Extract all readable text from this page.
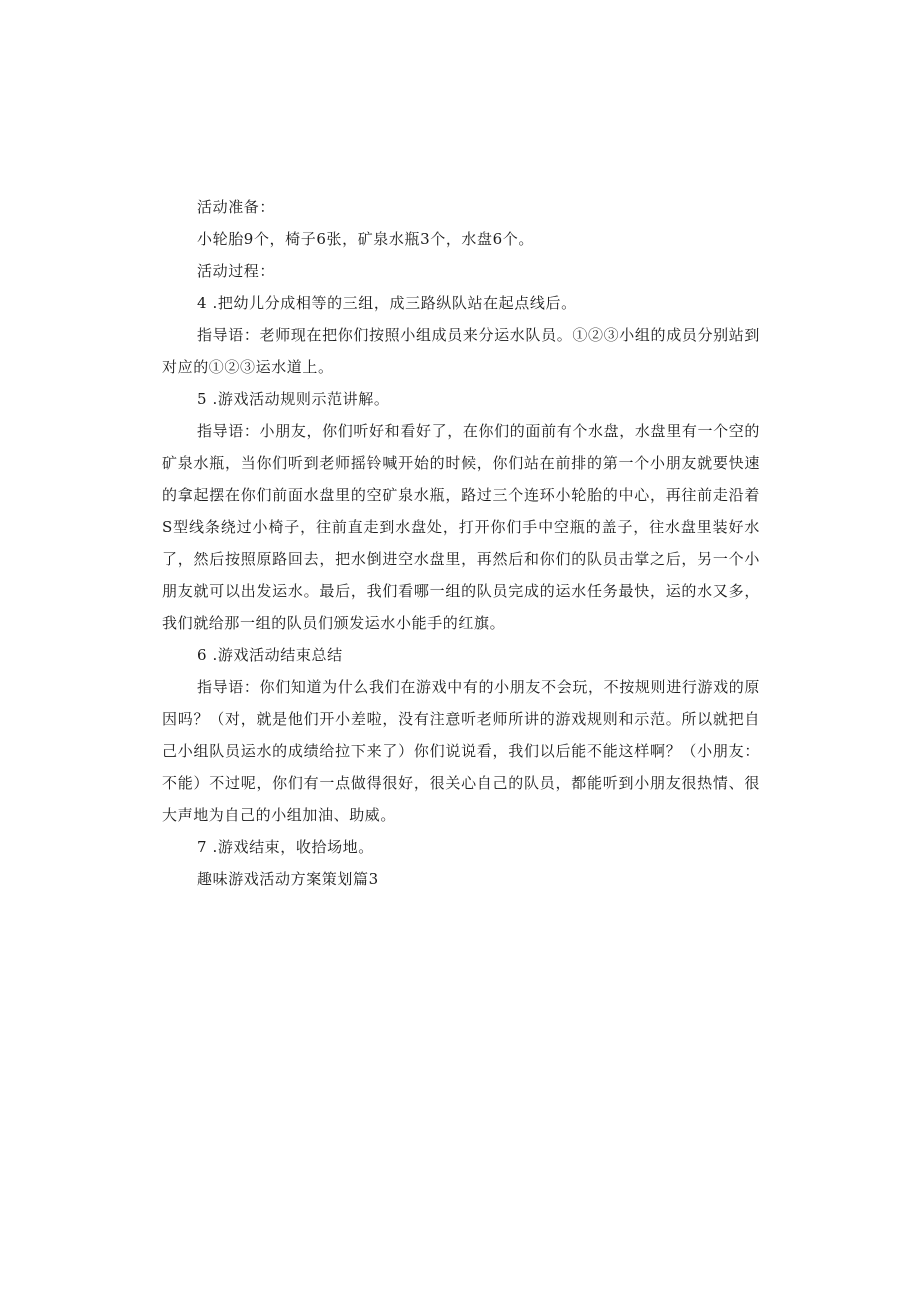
活动准备：

小轮胎9个，椅子6张，矿泉水瓶3个，水盘6个。

活动过程：

4 .把幼儿分成相等的三组，成三路纵队站在起点线后。

指导语：老师现在把你们按照小组成员来分运水队员。①②③小组的成员分别站到对应的①②③运水道上。

5 .游戏活动规则示范讲解。

指导语：小朋友，你们听好和看好了，在你们的面前有个水盘，水盘里有一个空的矿泉水瓶，当你们听到老师摇铃喊开始的时候，你们站在前排的第一个小朋友就要快速的拿起摆在你们前面水盘里的空矿泉水瓶，路过三个连环小轮胎的中心，再往前走沿着S型线条绕过小椅子，往前直走到水盘处，打开你们手中空瓶的盖子，往水盘里装好水了，然后按照原路回去，把水倒进空水盘里，再然后和你们的队员击掌之后，另一个小朋友就可以出发运水。最后，我们看哪一组的队员完成的运水任务最快，运的水又多，我们就给那一组的队员们颁发运水小能手的红旗。

6 .游戏活动结束总结

指导语：你们知道为什么我们在游戏中有的小朋友不会玩，不按规则进行游戏的原因吗？（对，就是他们开小差啦，没有注意听老师所讲的游戏规则和示范。所以就把自己小组队员运水的成绩给拉下来了）你们说说看，我们以后能不能这样啊？（小朋友：不能）不过呢，你们有一点做得很好，很关心自己的队员，都能听到小朋友很热情、很大声地为自己的小组加油、助威。

7 .游戏结束，收拾场地。

趣味游戏活动方案策划篇3
